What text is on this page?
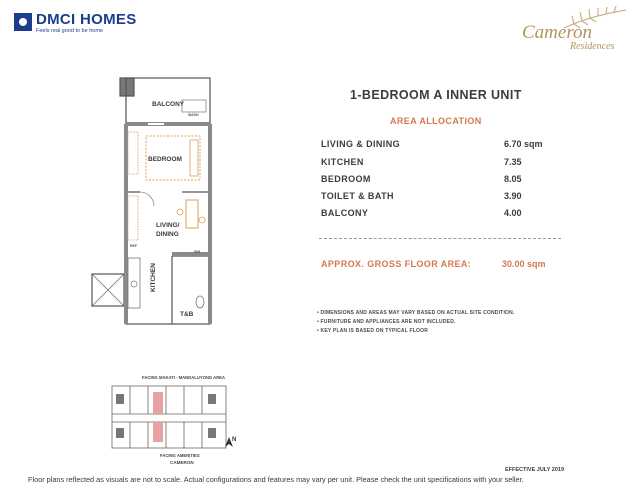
DMCI HOMES
Feels real good to be home	Cameron
Residences
BALCONY
BEDROOM
LIVING/
DINING
KITCHEN
T&B
WASH
REF
WM
FACING MAKATI - MANDALUYONG AREA
FACING AMENITIES
CAMERON
N
1-BEDROOM A INNER UNIT
AREA ALLOCATION
LIVING & DINING	6.70 sqm
KITCHEN	7.35
BEDROOM	8.05
TOILET & BATH	3.90
BALCONY	4.00
APPROX. GROSS FLOOR AREA:	30.00 sqm
• DIMENSIONS AND AREAS MAY VARY BASED ON ACTUAL SITE CONDITION.
• FURNITURE AND APPLIANCES ARE NOT INCLUDED.
• KEY PLAN IS BASED ON TYPICAL FLOOR
EFFECTIVE JULY 2019
Floor plans reflected as visuals are not to scale. Actual configurations and features may vary per unit. Please check the unit specifications with your seller.
